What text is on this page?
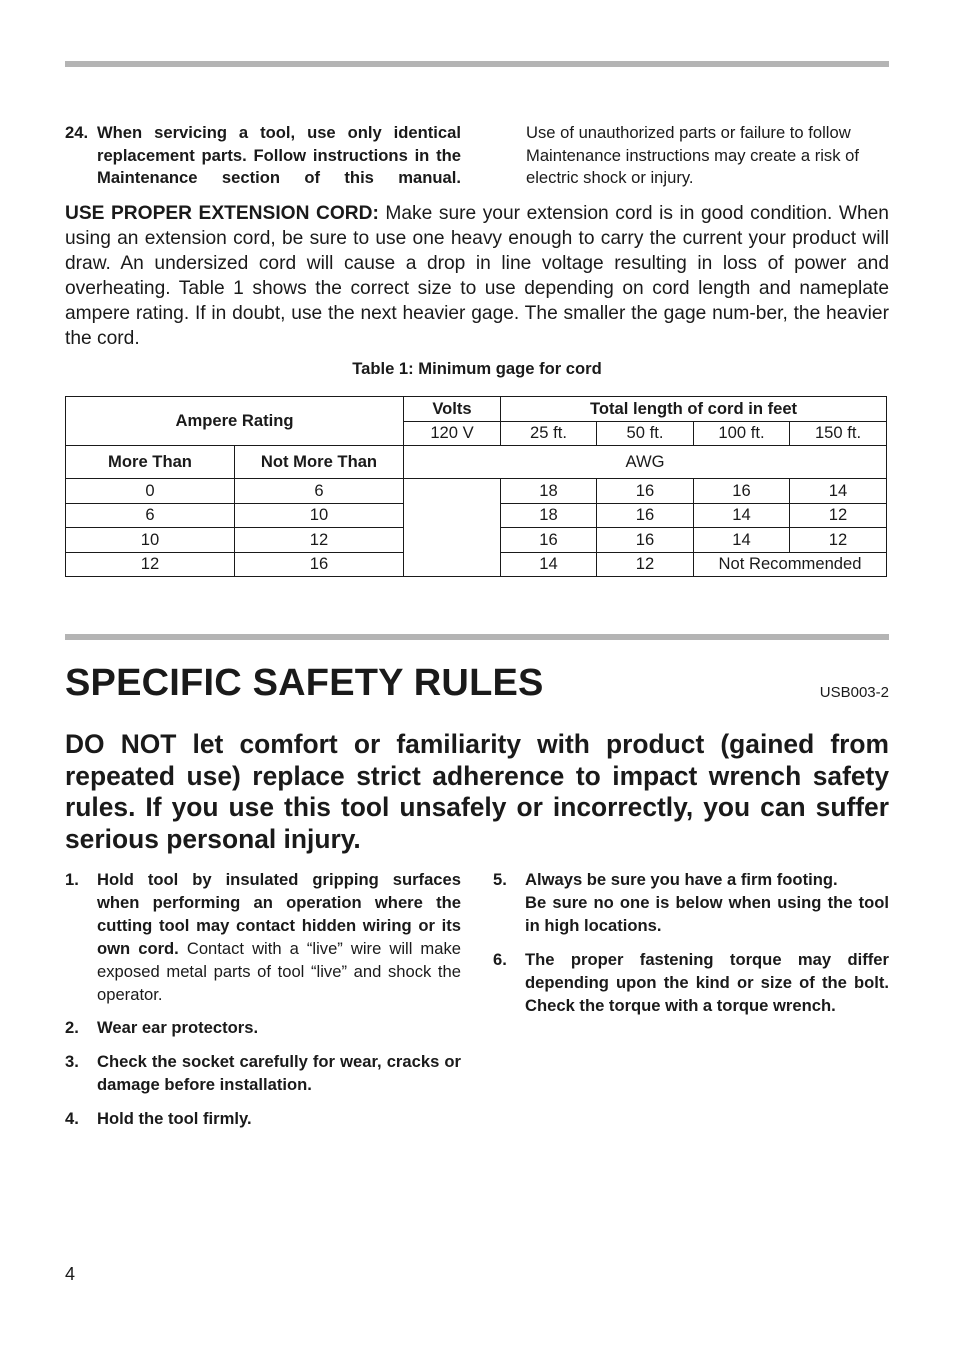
24. When servicing a tool, use only identical replacement parts. Follow instructions in the Maintenance section of this manual.
Use of unauthorized parts or failure to follow Maintenance instructions may create a risk of electric shock or injury.
USE PROPER EXTENSION CORD: Make sure your extension cord is in good condition. When using an extension cord, be sure to use one heavy enough to carry the current your product will draw. An undersized cord will cause a drop in line voltage resulting in loss of power and overheating. Table 1 shows the correct size to use depending on cord length and nameplate ampere rating. If in doubt, use the next heavier gage. The smaller the gage num-ber, the heavier the cord.
Table 1: Minimum gage for cord
Ampere Rating		Volts	Total length of cord in feet			
		120 V	25 ft.	50 ft.	100 ft.	150 ft.
More Than	Not More Than	AWG				
0	6		18	16	16	14
6	10		18	16	14	12
10	12		16	16	14	12
12	16		14	12	Not Recommended	
SPECIFIC SAFETY RULES	USB003-2
DO NOT let comfort or familiarity with product (gained from repeated use) replace strict adherence to impact wrench safety rules. If you use this tool unsafely or incorrectly, you can suffer serious personal injury.
1.	Hold tool by insulated gripping surfaces when performing an operation where the cutting tool may contact hidden wiring or its own cord. Contact with a “live” wire will make exposed metal parts of tool “live” and shock the operator.
2.	Wear ear protectors.
3.	Check the socket carefully for wear, cracks or damage before installation.
4.	Hold the tool firmly.
5. Always be sure you have a firm footing.
Be sure no one is below when using the tool in high locations.
6.	The proper fastening torque may differ depending upon the kind or size of the bolt. Check the torque with a torque wrench.
4
